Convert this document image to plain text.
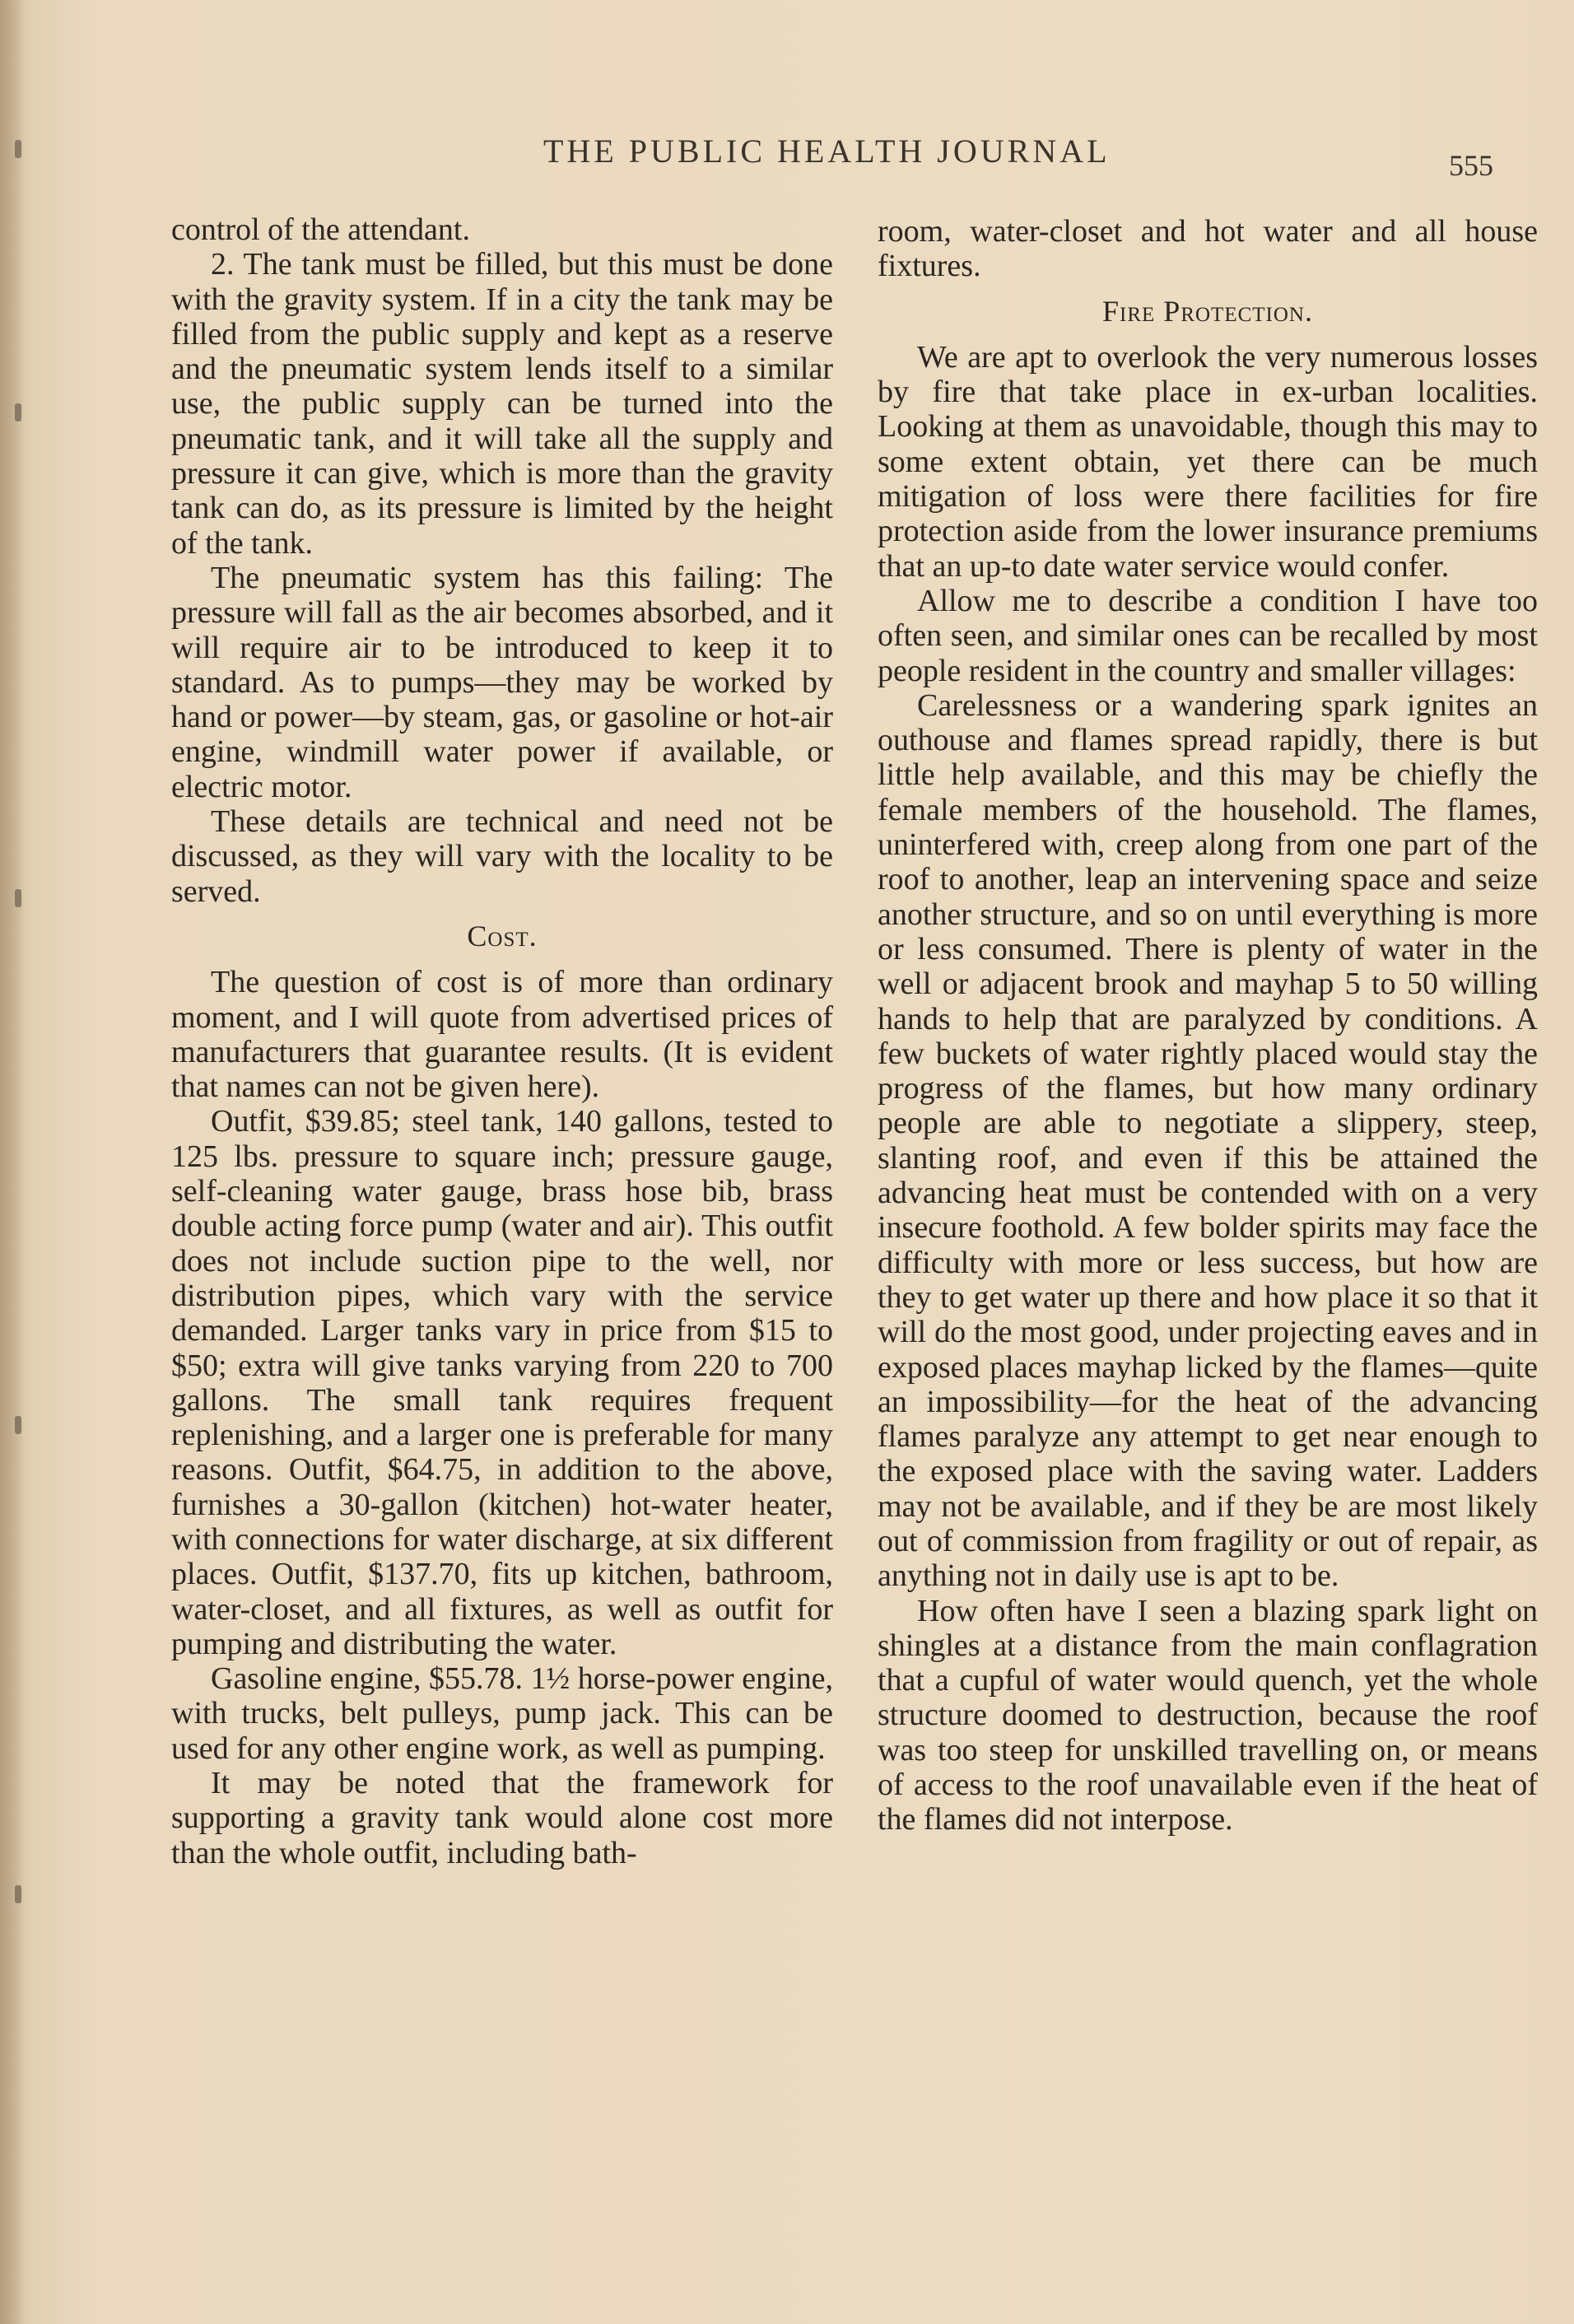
THE PUBLIC HEALTH JOURNAL	555

control of the attendant.

2. The tank must be filled, but this must be done with the gravity system. If in a city the tank may be filled from the public supply and kept as a reserve and the pneumatic system lends itself to a similar use, the public supply can be turned into the pneumatic tank, and it will take all the supply and pressure it can give, which is more than the gravity tank can do, as its pressure is limited by the height of the tank.

The pneumatic system has this failing: The pressure will fall as the air becomes absorbed, and it will require air to be introduced to keep it to standard. As to pumps—they may be worked by hand or power—by steam, gas, or gasoline or hot-air engine, windmill water power if available, or electric motor.

These details are technical and need not be discussed, as they will vary with the locality to be served.

Cost.

The question of cost is of more than ordinary moment, and I will quote from advertised prices of manufacturers that guarantee results. (It is evident that names can not be given here).

Outfit, $39.85; steel tank, 140 gallons, tested to 125 lbs. pressure to square inch; pressure gauge, self-cleaning water gauge, brass hose bib, brass double acting force pump (water and air). This outfit does not include suction pipe to the well, nor distribution pipes, which vary with the service demanded. Larger tanks vary in price from $15 to $50; extra will give tanks varying from 220 to 700 gallons. The small tank requires frequent replenishing, and a larger one is preferable for many reasons. Outfit, $64.75, in addition to the above, furnishes a 30-gallon (kitchen) hot-water heater, with connections for water discharge, at six different places. Outfit, $137.70, fits up kitchen, bathroom, water-closet, and all fixtures, as well as outfit for pumping and distributing the water.

Gasoline engine, $55.78. 1½ horse-power engine, with trucks, belt pulleys, pump jack. This can be used for any other engine work, as well as pumping.

It may be noted that the framework for supporting a gravity tank would alone cost more than the whole outfit, including bath-

room, water-closet and hot water and all house fixtures.

Fire Protection.

We are apt to overlook the very numerous losses by fire that take place in ex-urban localities. Looking at them as unavoidable, though this may to some extent obtain, yet there can be much mitigation of loss were there facilities for fire protection aside from the lower insurance premiums that an up-to date water service would confer.

Allow me to describe a condition I have too often seen, and similar ones can be recalled by most people resident in the country and smaller villages:

Carelessness or a wandering spark ignites an outhouse and flames spread rapidly, there is but little help available, and this may be chiefly the female members of the household. The flames, uninterfered with, creep along from one part of the roof to another, leap an intervening space and seize another structure, and so on until everything is more or less consumed. There is plenty of water in the well or adjacent brook and mayhap 5 to 50 willing hands to help that are paralyzed by conditions. A few buckets of water rightly placed would stay the progress of the flames, but how many ordinary people are able to negotiate a slippery, steep, slanting roof, and even if this be attained the advancing heat must be contended with on a very insecure foothold. A few bolder spirits may face the difficulty with more or less success, but how are they to get water up there and how place it so that it will do the most good, under projecting eaves and in exposed places mayhap licked by the flames—quite an impossibility—for the heat of the advancing flames paralyze any attempt to get near enough to the exposed place with the saving water. Ladders may not be available, and if they be are most likely out of commission from fragility or out of repair, as anything not in daily use is apt to be.

How often have I seen a blazing spark light on shingles at a distance from the main conflagration that a cupful of water would quench, yet the whole structure doomed to destruction, because the roof was too steep for unskilled travelling on, or means of access to the roof unavailable even if the heat of the flames did not interpose.
